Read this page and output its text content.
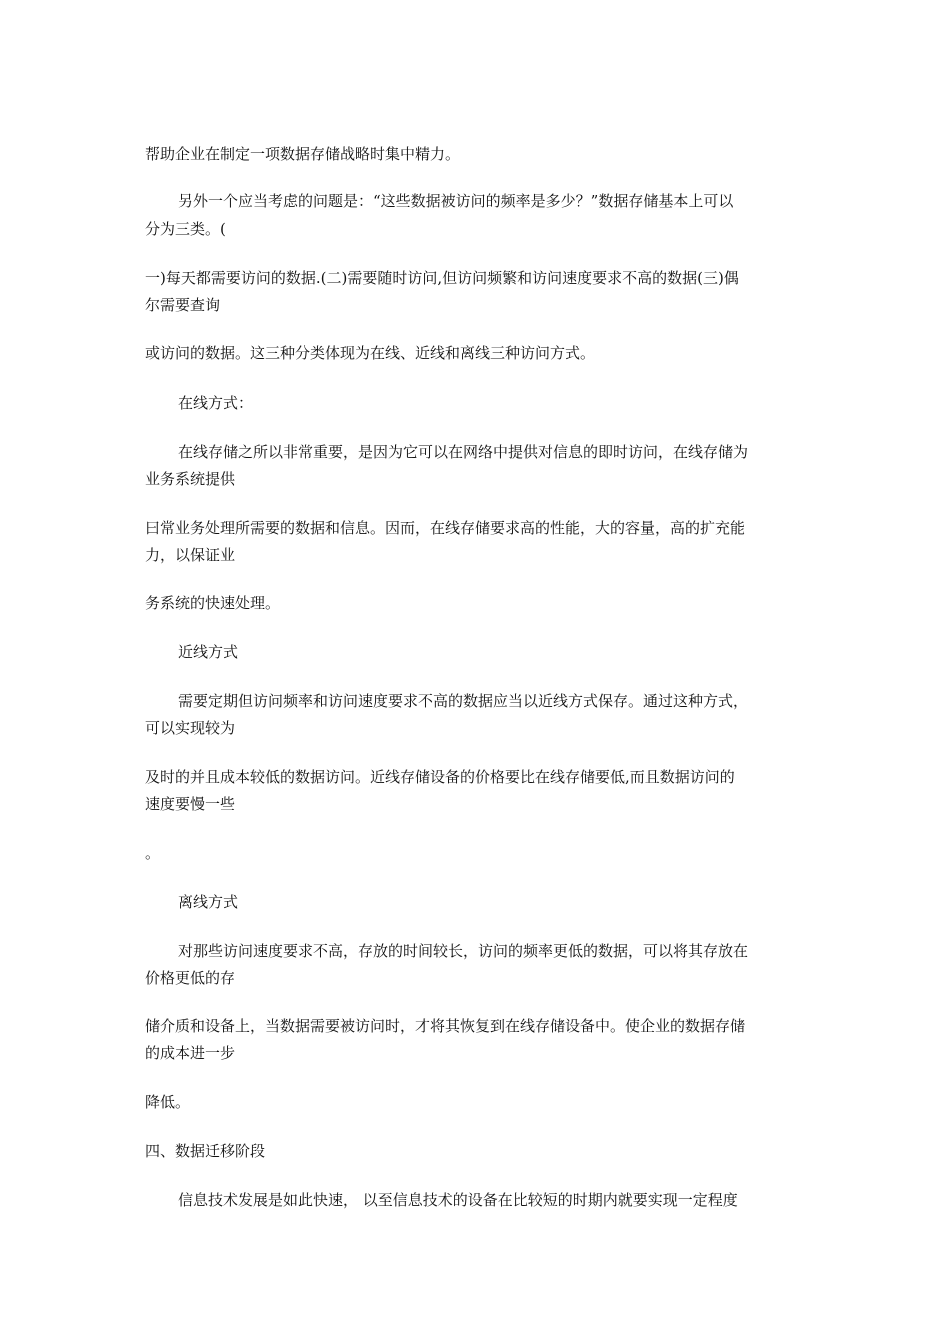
帮助企业在制定一项数据存储战略时集中精力。
另外一个应当考虑的问题是：“这些数据被访问的频率是多少？”数据存储基本上可以
分为三类。(
一)每天都需要访问的数据.(二)需要随时访问,但访问频繁和访问速度要求不高的数据(三)偶
尔需要查询
或访问的数据。这三种分类体现为在线、近线和离线三种访问方式。
在线方式：
在线存储之所以非常重要，是因为它可以在网络中提供对信息的即时访问，在线存储为
业务系统提供
曰常业务处理所需要的数据和信息。因而，在线存储要求高的性能，大的容量，高的扩充能
力，以保证业
务系统的快速处理。
近线方式
需要定期但访问频率和访问速度要求不高的数据应当以近线方式保存。通过这种方式，
可以实现较为
及时的并且成本较低的数据访问。近线存储设备的价格要比在线存储要低,而且数据访问的
速度要慢一些
。
离线方式
对那些访问速度要求不高，存放的时间较长，访问的频率更低的数据，可以将其存放在
价格更低的存
储介质和设备上，当数据需要被访问时，才将其恢复到在线存储设备中。使企业的数据存储
的成本进一步
降低。
四、数据迁移阶段
信息技术发展是如此快速， 以至信息技术的设备在比较短的时期内就要实现一定程度
